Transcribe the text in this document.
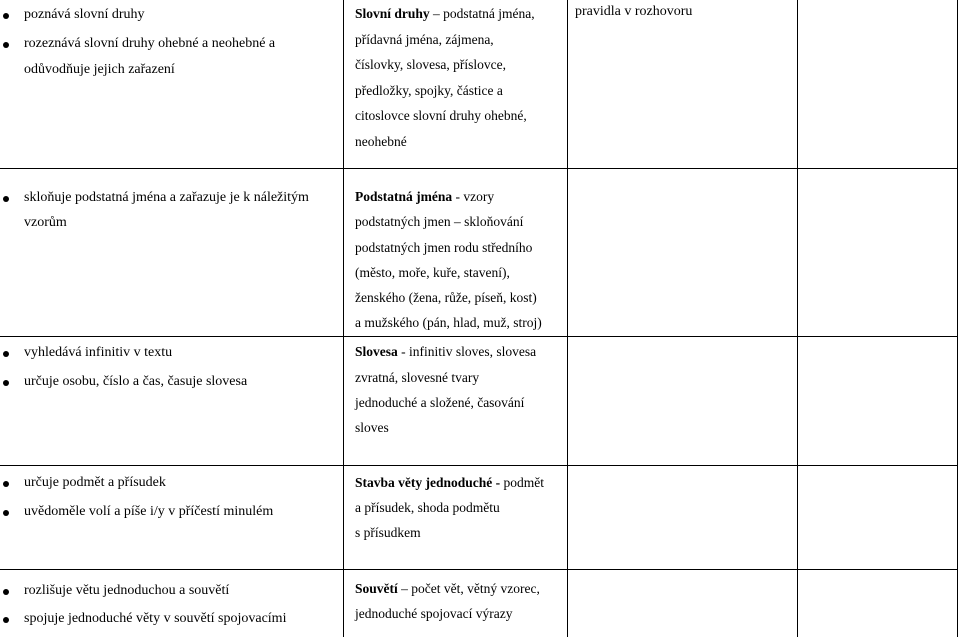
poznává slovní druhy
rozeznává slovní druhy ohebné a neohebné a
odůvodňuje jejich zařazení
Slovní druhy – podstatná jména,
přídavná jména, zájmena,
číslovky, slovesa, příslovce,
předložky, spojky, částice a
citoslovce slovní druhy ohebné,
neohebné
pravidla v rozhovoru
skloňuje podstatná jména a zařazuje je k náležitým
vzorům
Podstatná jména - vzory
podstatných jmen – skloňování
podstatných jmen rodu středního
(město, moře, kuře, stavení),
ženského (žena, růže, píseň, kost)
a mužského (pán, hlad, muž, stroj)
vyhledává infinitiv v textu
určuje osobu, číslo a čas, časuje slovesa
Slovesa - infinitiv sloves, slovesa
zvratná, slovesné tvary
jednoduché a složené, časování
sloves
určuje podmět a přísudek
uvědoměle volí a píše i/y v příčestí minulém
Stavba věty jednoduché - podmět
a přísudek, shoda podmětu
s přísudkem
rozlišuje větu jednoduchou a souvětí
spojuje jednoduché věty v souvětí spojovacími
Souvětí – počet vět, větný vzorec,
jednoduché spojovací výrazy
